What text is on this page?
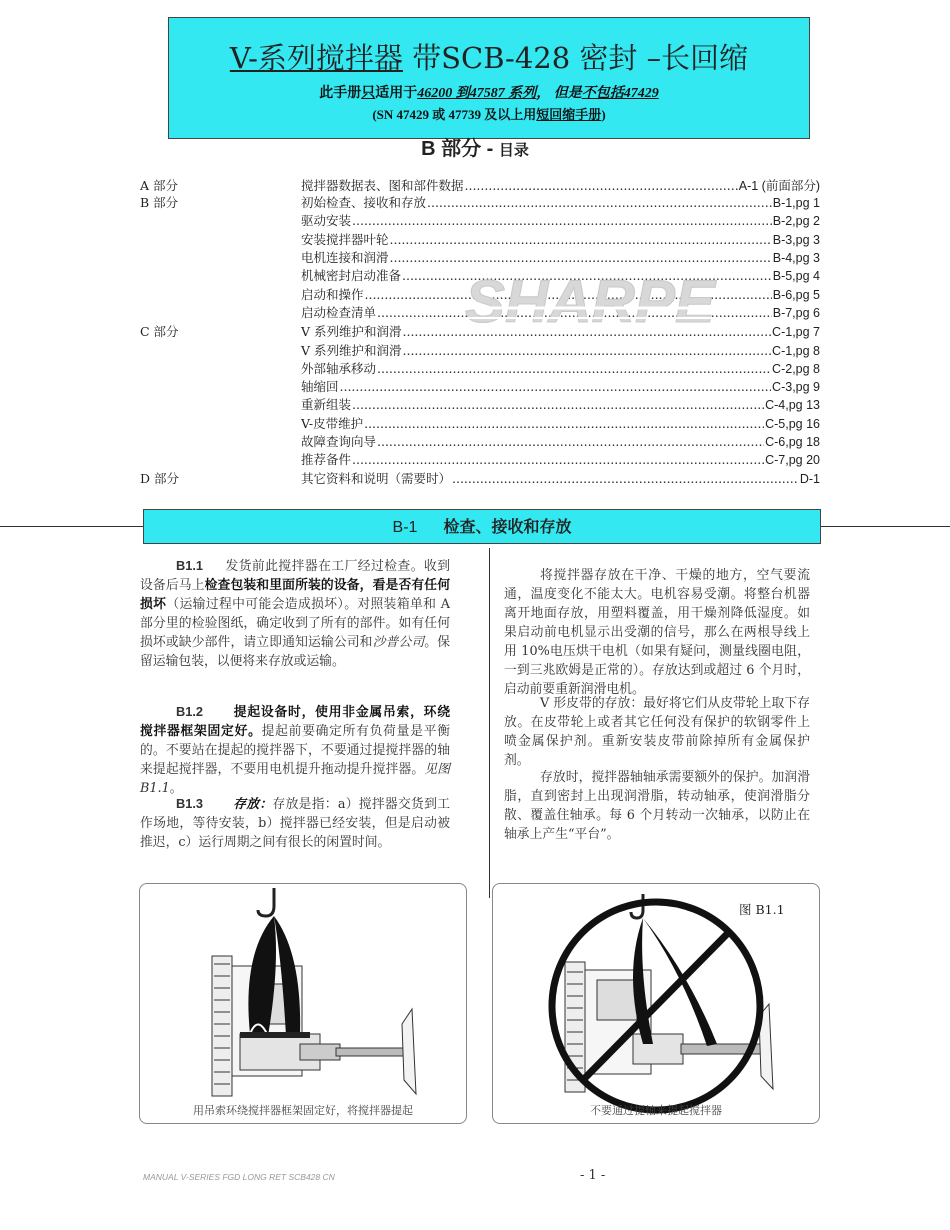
V-系列搅拌器 带SCB-428 密封 –长回缩
此手册只适用于46200 到47587 系列， 但是不包括47429
(SN 47429 或 47739 及以上用短回缩手册)
B 部分 - 目录
A 部分	搅拌器数据表、图和部件数据 .....	A-1 (前面部分)
B 部分	初始检查、接收和存放 .....	B-1,pg 1
驱动安装 .....	B-2,pg 2
安装搅拌器叶轮 .....	B-3,pg 3
电机连接和润滑 .....	B-4,pg 3
机械密封启动准备 .....	B-5,pg 4
启动和操作 .....	B-6,pg 5
启动检查清单 .....	B-7,pg 6
C 部分	V 系列维护和润滑 .....	C-1,pg 7
V 系列维护和润滑 .....	C-1,pg 8
外部轴承移动 .....	C-2,pg 8
轴缩回 .....	C-3,pg 9
重新组装 .....	C-4,pg 13
V-皮带维护 .....	C-5,pg 16
故障查询向导 .....	C-6,pg 18
推荐备件 .....	C-7,pg 20
D 部分	其它资料和说明（需要时） .....	D-1
SHARPE
B-1 检查、接收和存放
B1.1 发货前此搅拌器在工厂经过检查。收到设备后马上检查包装和里面所装的设备，看是否有任何损坏（运输过程中可能会造成损坏）。对照装箱单和 A 部分里的检验图纸，确定收到了所有的部件。如有任何损坏或缺少部件，请立即通知运输公司和沙普公司。保留运输包装，以便将来存放或运输。
B1.2 提起设备时，使用非金属吊索，环绕搅拌器框架固定好。提起前要确定所有负荷量是平衡的。不要站在提起的搅拌器下，不要通过提搅拌器的轴来提起搅拌器，不要用电机提升拖动提升搅拌器。见图 B1.1。
B1.3 存放：存放是指：a）搅拌器交货到工作场地，等待安装，b）搅拌器已经安装，但是启动被推迟，c）运行周期之间有很长的闲置时间。
将搅拌器存放在干净、干燥的地方，空气要流通，温度变化不能太大。电机容易受潮。将整台机器离开地面存放，用塑料覆盖，用干燥剂降低湿度。如果启动前电机显示出受潮的信号，那么在两根导线上用 10%电压烘干电机（如果有疑问，测量线圈电阻，一到三兆欧姆是正常的）。存放达到或超过 6 个月时，启动前要重新润滑电机。
V 形皮带的存放：最好将它们从皮带轮上取下存放。在皮带轮上或者其它任何没有保护的软钢零件上喷金属保护剂。重新安装皮带前除掉所有金属保护剂。
存放时，搅拌器轴轴承需要额外的保护。加润滑脂，直到密封上出现润滑脂，转动轴承，使润滑脂分散、覆盖住轴承。每 6 个月转动一次轴承，以防止在轴承上产生“平台”。
用吊索环绕搅拌器框架固定好，将搅拌器提起
图 B1.1
不要通过提轴来提起搅拌器
MANUAL V-SERIES FGD LONG RET SCB428 CN	- 1 -
